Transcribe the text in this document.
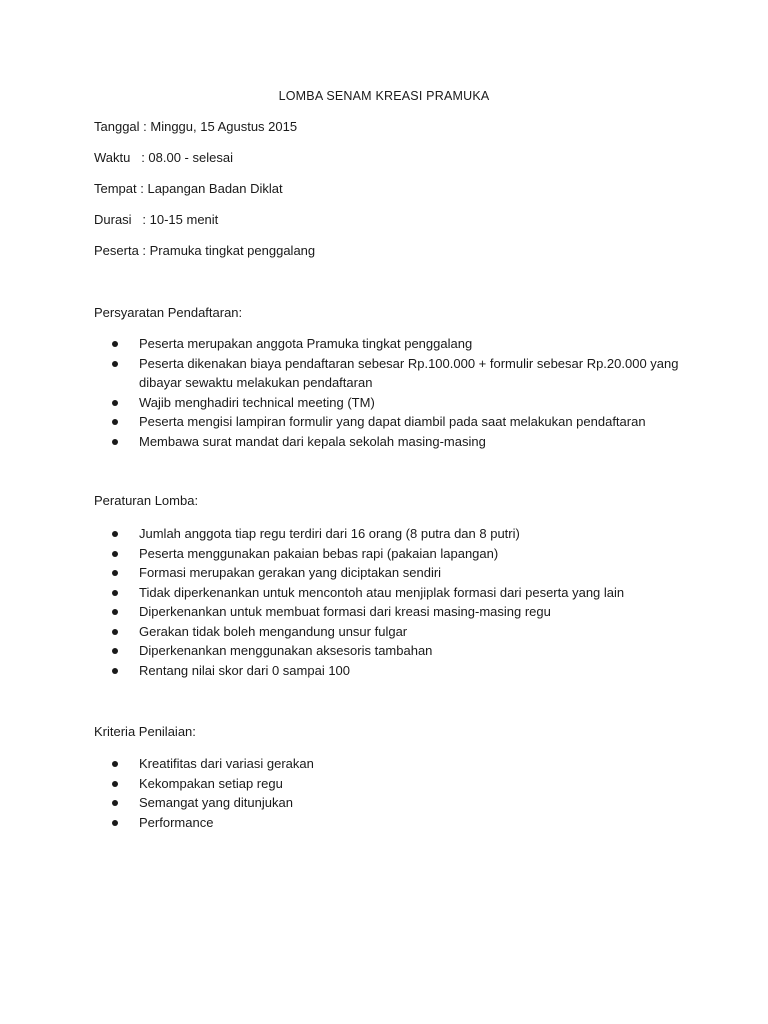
LOMBA SENAM KREASI PRAMUKA
Tanggal : Minggu, 15 Agustus 2015
Waktu   : 08.00 - selesai
Tempat : Lapangan Badan Diklat
Durasi   : 10-15 menit
Peserta : Pramuka tingkat penggalang
Persyaratan Pendaftaran:
Peserta merupakan anggota Pramuka tingkat penggalang
Peserta dikenakan biaya pendaftaran sebesar Rp.100.000 + formulir sebesar Rp.20.000 yang dibayar sewaktu melakukan pendaftaran
Wajib menghadiri technical meeting (TM)
Peserta mengisi lampiran formulir yang dapat diambil pada saat melakukan pendaftaran
Membawa surat mandat dari kepala sekolah masing-masing
Peraturan Lomba:
Jumlah anggota tiap regu terdiri dari 16 orang (8 putra dan 8 putri)
Peserta menggunakan pakaian bebas rapi (pakaian lapangan)
Formasi merupakan gerakan yang diciptakan sendiri
Tidak diperkenankan untuk mencontoh atau menjiplak formasi dari peserta yang lain
Diperkenankan untuk membuat formasi dari kreasi masing-masing regu
Gerakan tidak boleh mengandung unsur fulgar
Diperkenankan menggunakan aksesoris tambahan
Rentang nilai skor dari 0 sampai 100
Kriteria Penilaian:
Kreatifitas dari variasi gerakan
Kekompakan setiap regu
Semangat yang ditunjukan
Performance
